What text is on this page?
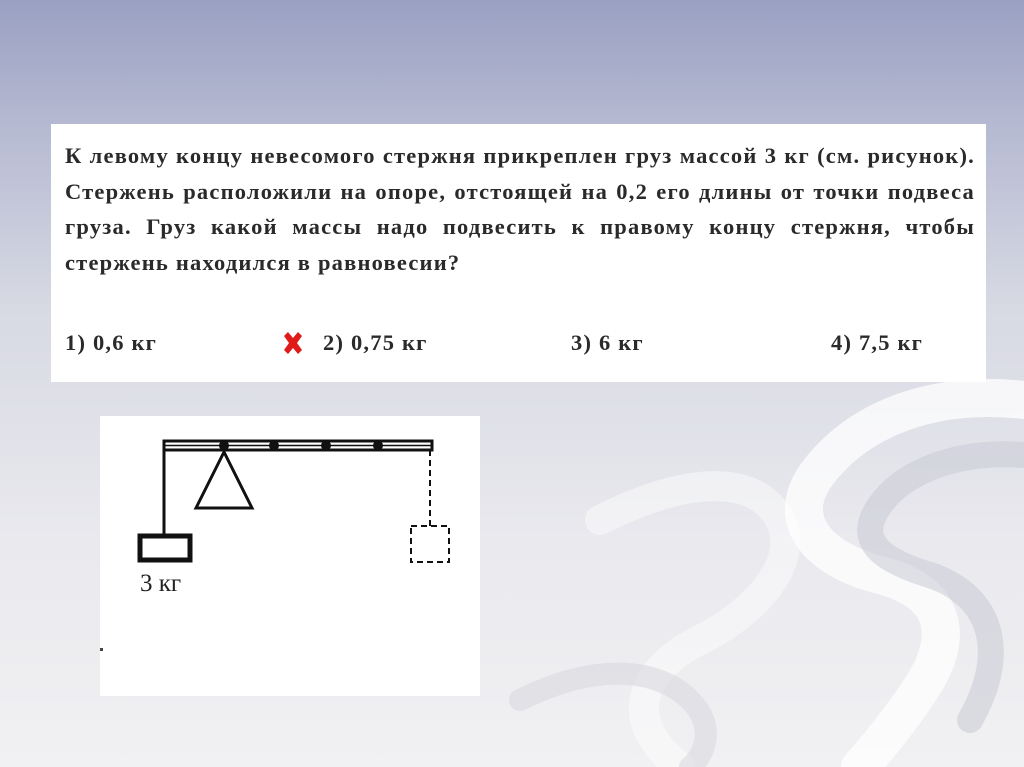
К левому концу невесомого стержня прикреплен груз массой 3 кг (см. рисунок). Стержень расположили на опоре, отстоящей на 0,2 его длины от точки подвеса груза. Груз какой массы надо подвесить к правому концу стержня, чтобы стержень находился в равновесии?
1) 0,6 кг	2) 0,75 кг	3) 6 кг	4) 7,5 кг
3 кг
